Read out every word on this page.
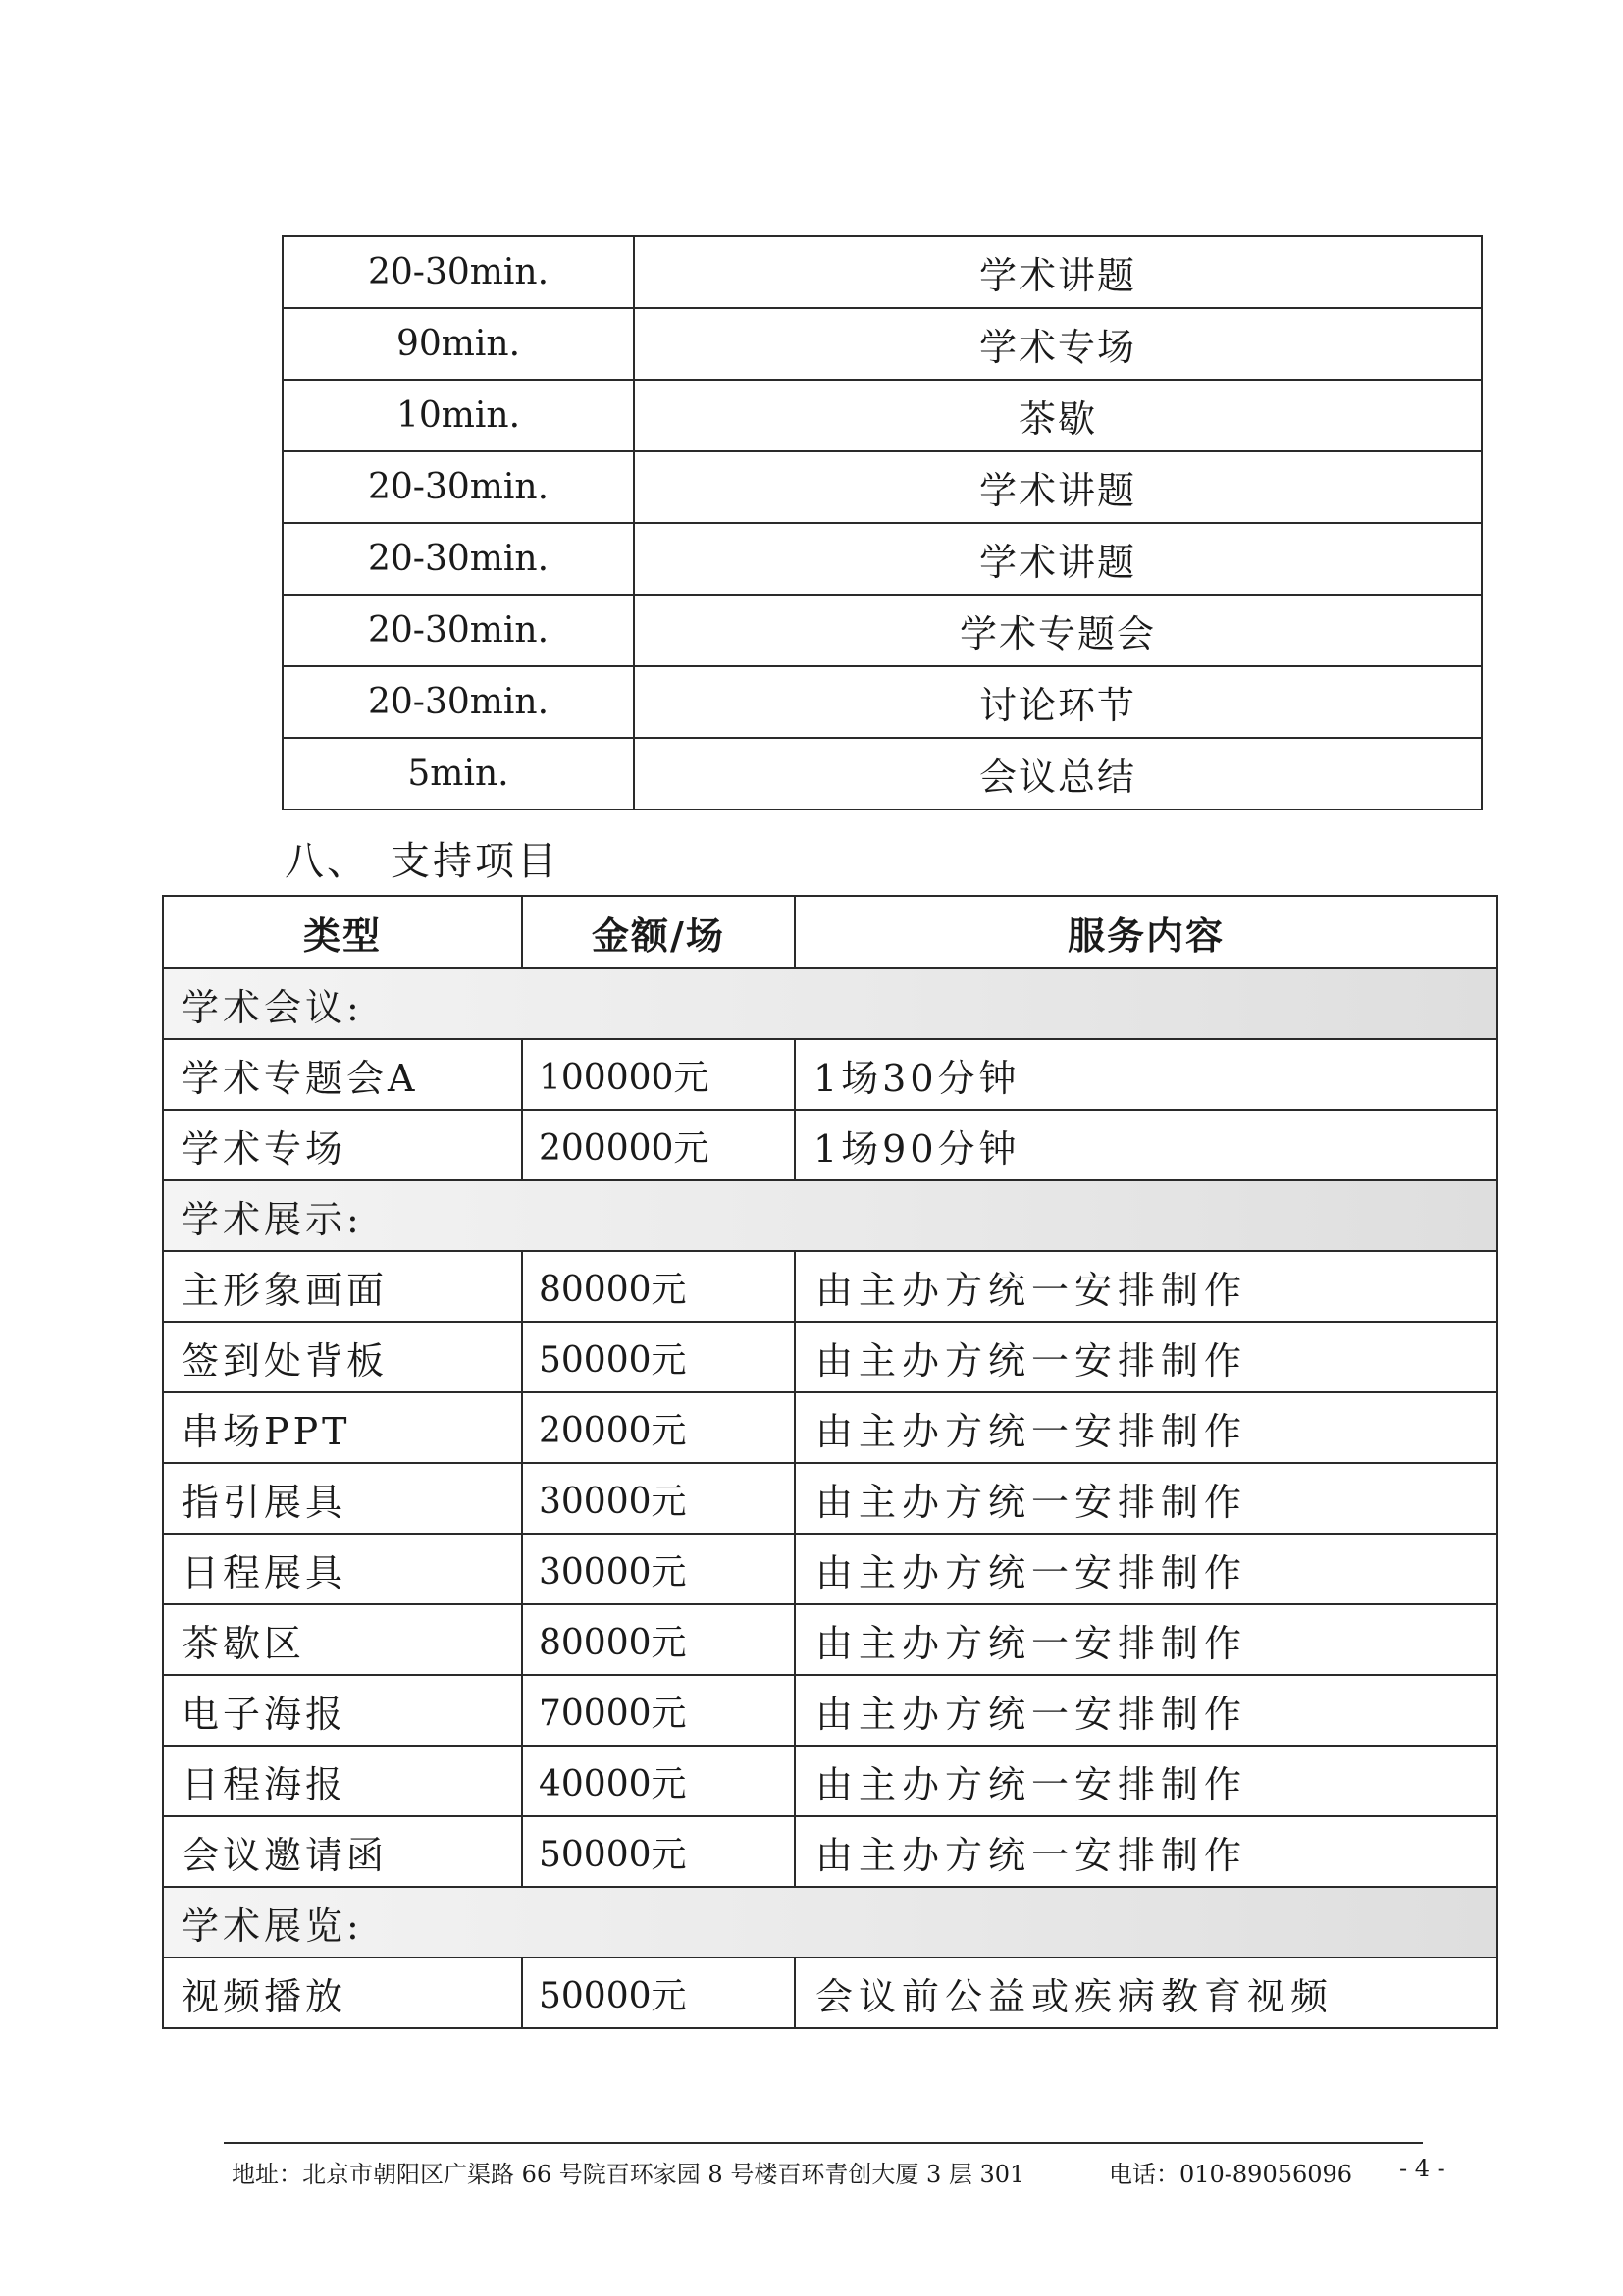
20-30min.	学术讲题
90min.	学术专场
10min.	茶歇
20-30min.	学术讲题
20-30min.	学术讲题
20-30min.	学术专题会
20-30min.	讨论环节
5min.	会议总结
八、 支持项目
类型	金额/场	服务内容
学术会议:		
学术专题会A	100000元	1场30分钟
学术专场	200000元	1场90分钟
学术展示:		
主形象画面	80000元	由主办方统一安排制作
签到处背板	50000元	由主办方统一安排制作
串场PPT	20000元	由主办方统一安排制作
指引展具	30000元	由主办方统一安排制作
日程展具	30000元	由主办方统一安排制作
茶歇区	80000元	由主办方统一安排制作
电子海报	70000元	由主办方统一安排制作
日程海报	40000元	由主办方统一安排制作
会议邀请函	50000元	由主办方统一安排制作
学术展览:		
视频播放	50000元	会议前公益或疾病教育视频
地址：北京市朝阳区广渠路 66 号院百环家园 8 号楼百环青创大厦 3 层 301	电话：010-89056096 - 4 -
